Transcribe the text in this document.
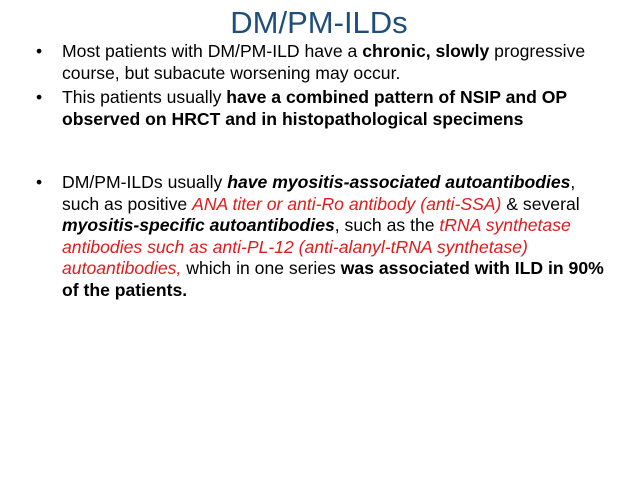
DM/PM-ILDs
• Most patients with DM/PM-ILD have a chronic, slowly progressive course, but subacute worsening may occur.
• This patients usually have a combined pattern of NSIP and OP observed on HRCT and in histopathological specimens
• DM/PM-ILDs usually have myositis-associated autoantibodies, such as positive ANA titer or anti-Ro antibody (anti-SSA) & several myositis-specific autoantibodies, such as the tRNA synthetase antibodies such as anti-PL-12 (anti-alanyl-tRNA synthetase) autoantibodies, which in one series was associated with ILD in 90% of the patients.
